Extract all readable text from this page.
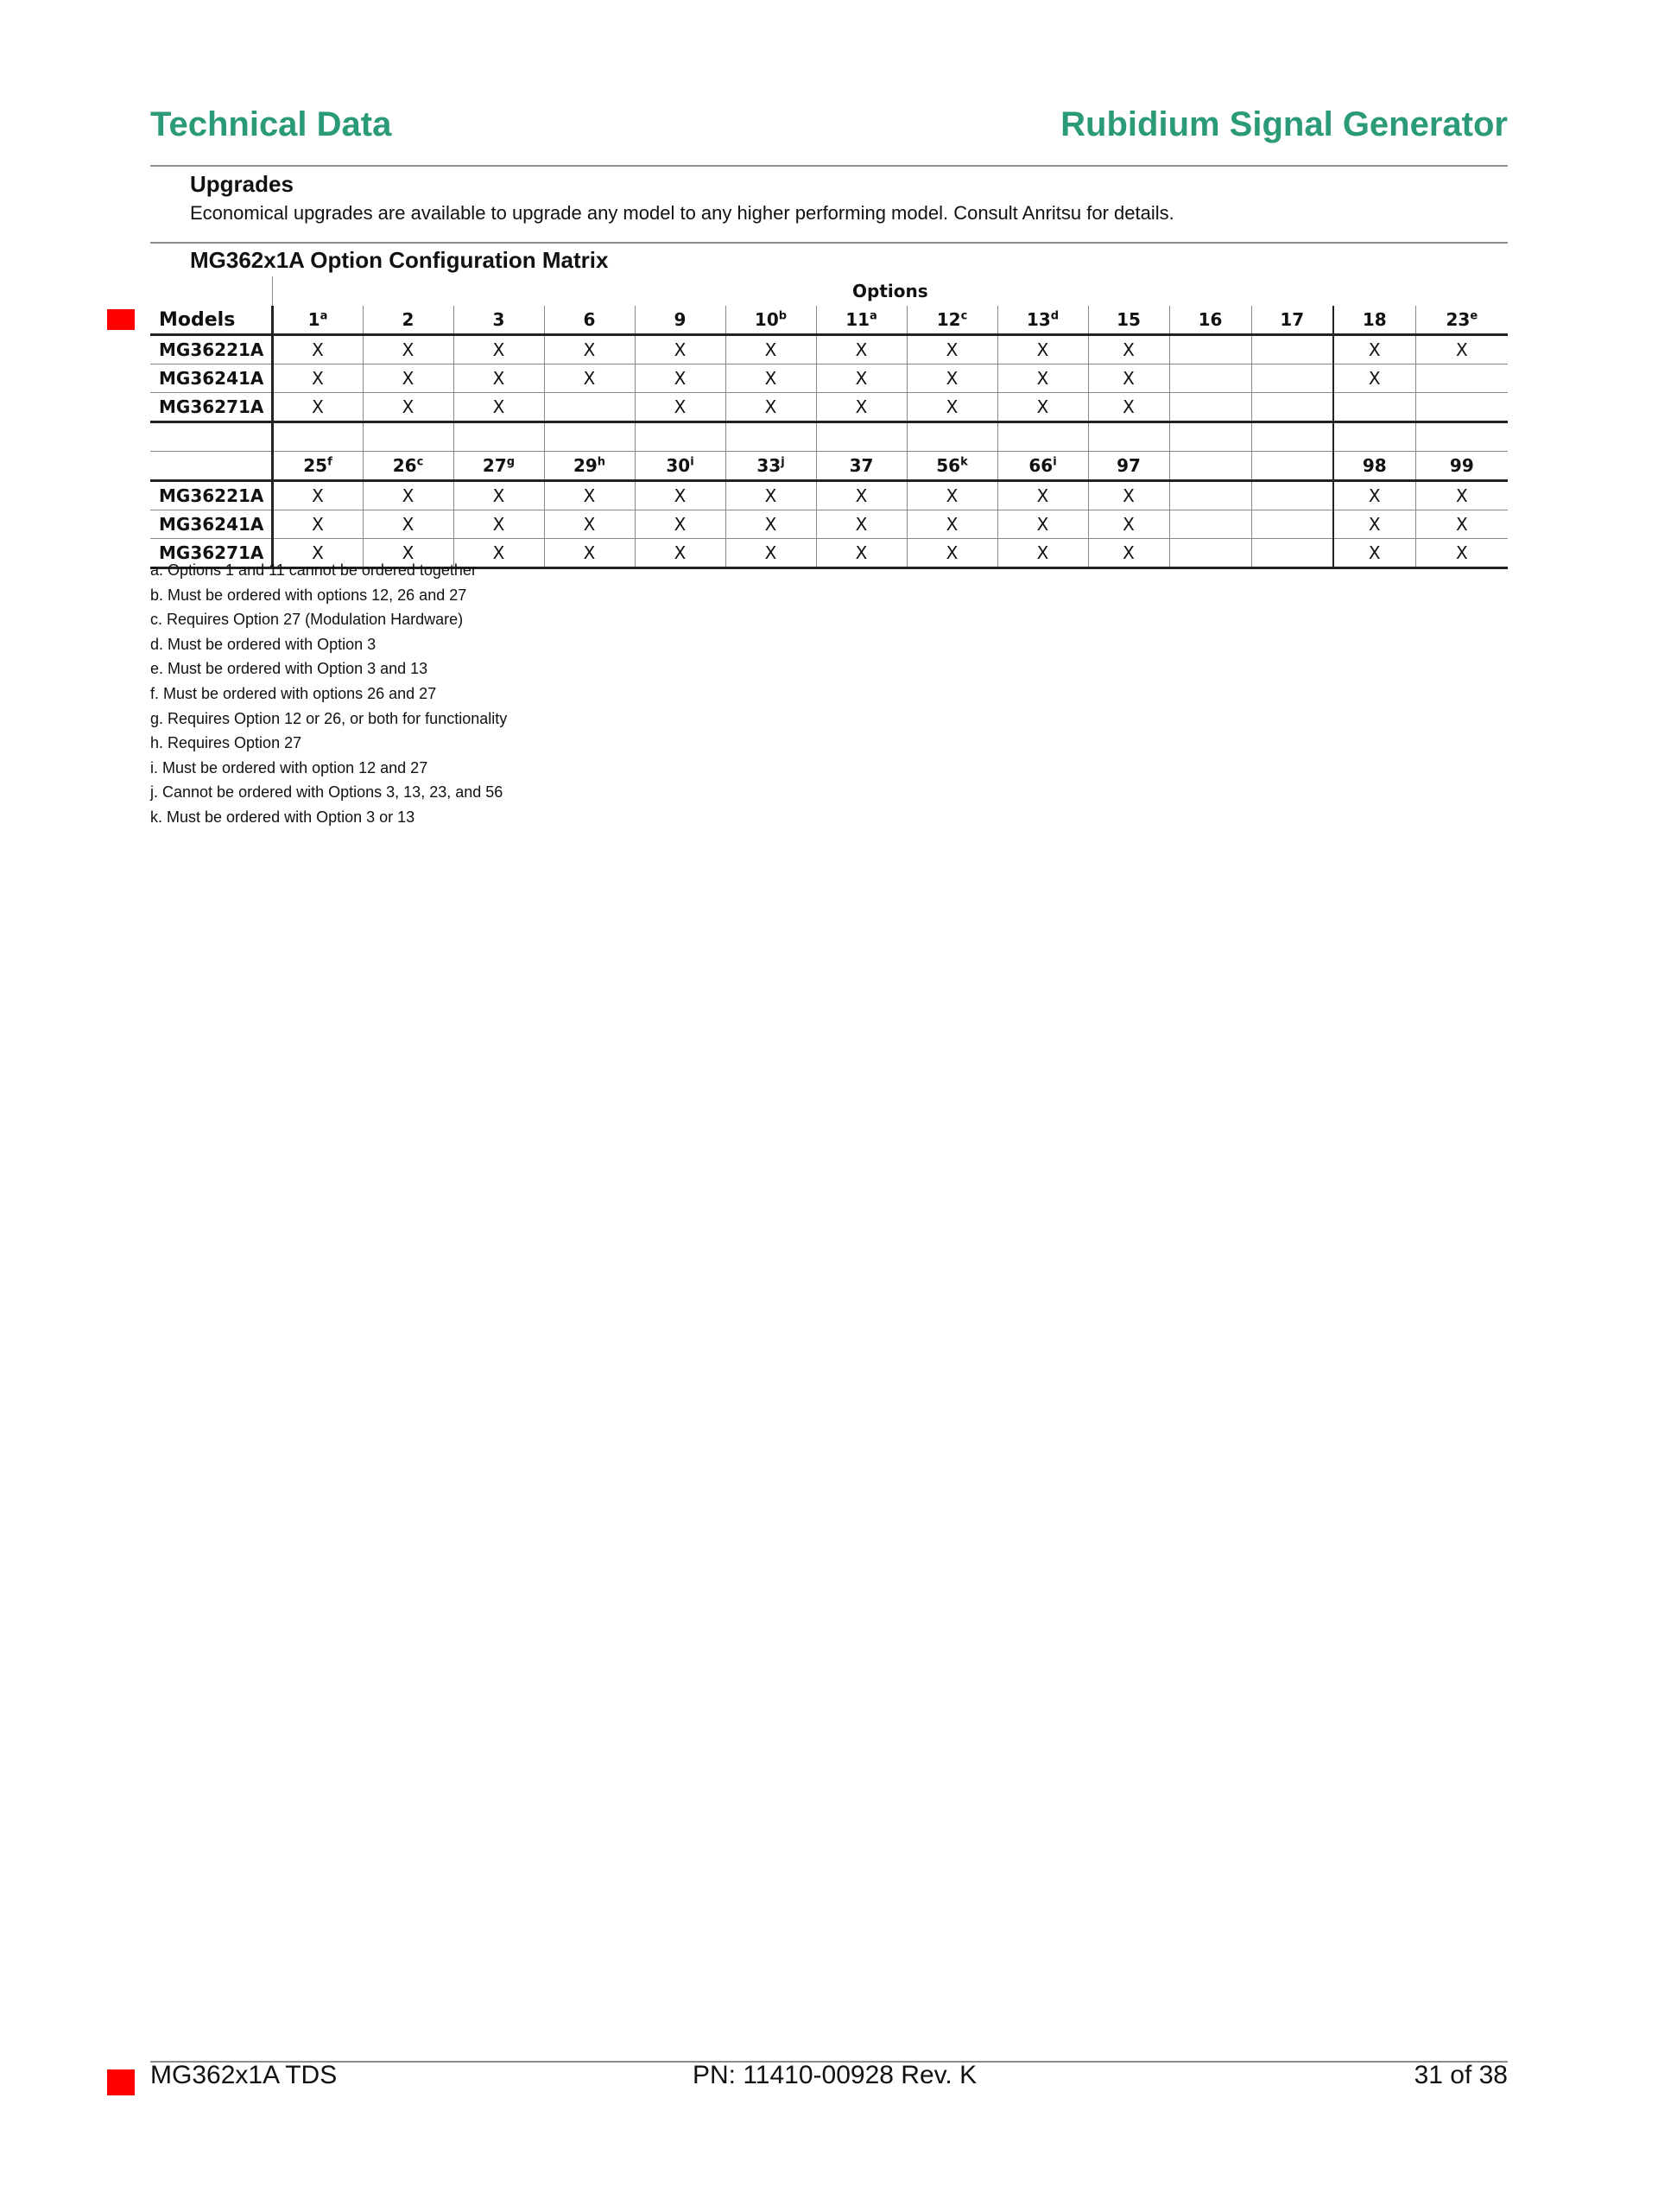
Technical Data	Rubidium Signal Generator
Upgrades
Economical upgrades are available to upgrade any model to any higher performing model. Consult Anritsu for details.
MG362x1A Option Configuration Matrix
	Options													
Models	1$^a$	2	3	6	9	10$^b$	11$^a$	12$^c$	13$^d$	15	16	17	18	23e
MG36221A	X	X	X	X	X	X	X	X	X	X			X	X
MG36241A	X	X	X	X	X	X	X	X	X	X			X	
MG36271A	X	X	X		X	X	X	X	X	X				

	25$^f$	26$^c$	27$^g$	29$^h$	30$^i$	33$^j$	37	56$^k$	66$^i$	97			98	99
MG36221A	X	X	X	X	X	X	X	X	X	X			X	X
MG36241A	X	X	X	X	X	X	X	X	X	X			X	X
MG36271A	X	X	X	X	X	X	X	X	X	X			X	X
a. Options 1 and 11 cannot be ordered together
b. Must be ordered with options 12, 26 and 27
c. Requires Option 27 (Modulation Hardware)
d. Must be ordered with Option 3
e. Must be ordered with Option 3 and 13
f. Must be ordered with options 26 and 27
g. Requires Option 12 or 26, or both for functionality
h. Requires Option 27
i. Must be ordered with option 12 and 27
j. Cannot be ordered with Options 3, 13, 23, and 56
k. Must be ordered with Option 3 or 13
MG362x1A TDS	PN: 11410-00928 Rev. K	31 of 38
